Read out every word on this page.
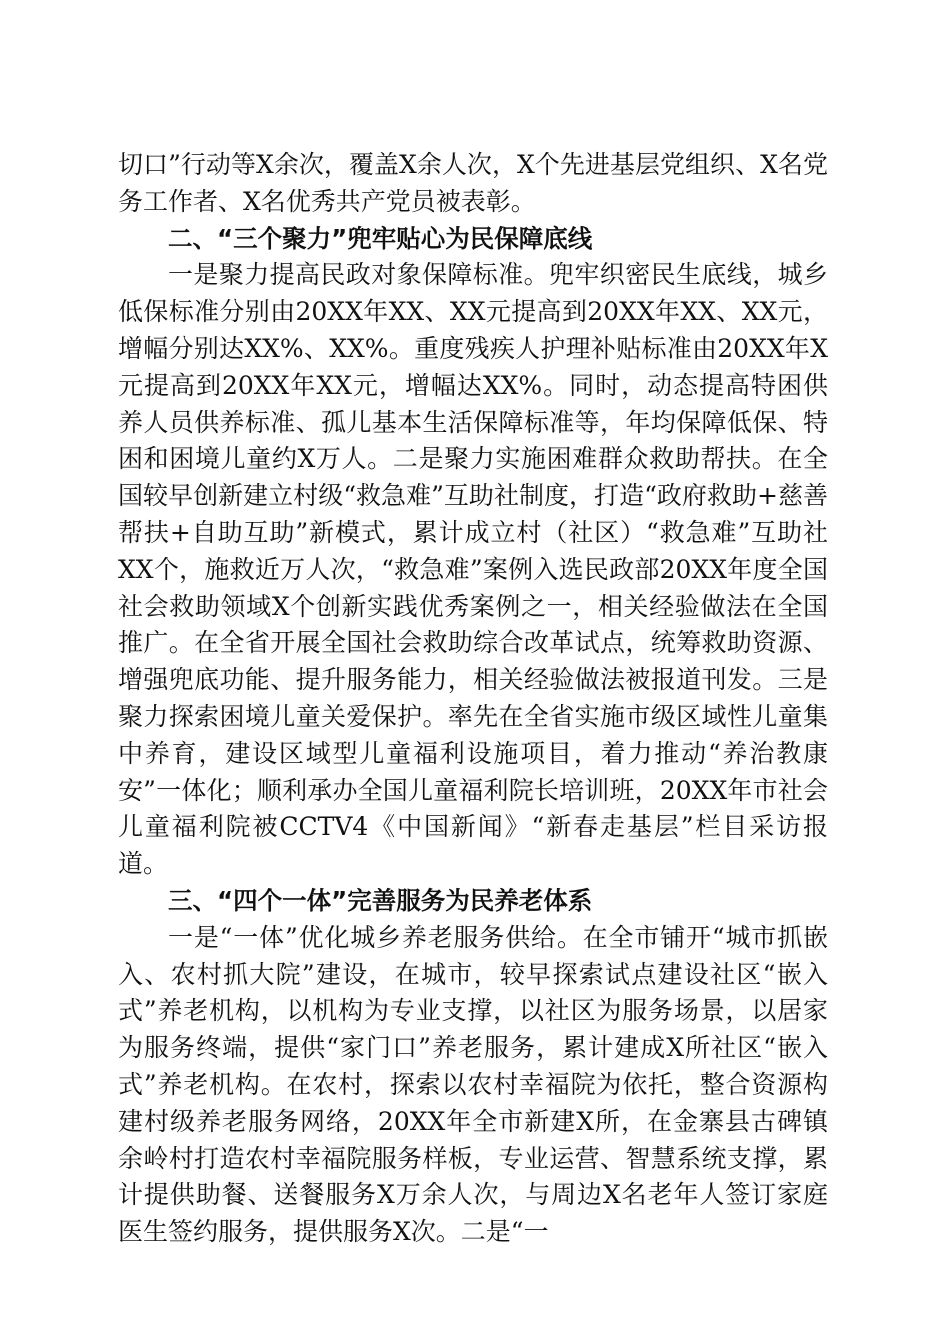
切口”行动等X余次，覆盖X余人次，X个先进基层党组织、X名党务工作者、X名优秀共产党员被表彰。

二、“三个聚力”兜牢贴心为民保障底线

一是聚力提高民政对象保障标准。兜牢织密民生底线，城乡低保标准分别由20XX年XX、XX元提高到20XX年XX、XX元，增幅分别达XX%、XX%。重度残疾人护理补贴标准由20XX年X元提高到20XX年XX元，增幅达XX%。同时，动态提高特困供养人员供养标准、孤儿基本生活保障标准等，年均保障低保、特困和困境儿童约X万人。二是聚力实施困难群众救助帮扶。在全国较早创新建立村级“救急难”互助社制度，打造“政府救助+慈善帮扶+自助互助”新模式，累计成立村（社区）“救急难”互助社XX个，施救近万人次，“救急难”案例入选民政部20XX年度全国社会救助领域X个创新实践优秀案例之一，相关经验做法在全国推广。在全省开展全国社会救助综合改革试点，统筹救助资源、增强兜底功能、提升服务能力，相关经验做法被报道刊发。三是聚力探索困境儿童关爱保护。率先在全省实施市级区域性儿童集中养育，建设区域型儿童福利设施项目，着力推动“养治教康安”一体化；顺利承办全国儿童福利院长培训班，20XX年市社会儿童福利院被CCTV4《中国新闻》“新春走基层”栏目采访报道。

三、“四个一体”完善服务为民养老体系

一是“一体”优化城乡养老服务供给。在全市铺开“城市抓嵌入、农村抓大院”建设，在城市，较早探索试点建设社区“嵌入式”养老机构，以机构为专业支撑，以社区为服务场景，以居家为服务终端，提供“家门口”养老服务，累计建成X所社区“嵌入式”养老机构。在农村，探索以农村幸福院为依托，整合资源构建村级养老服务网络，20XX年全市新建X所，在金寨县古碑镇余岭村打造农村幸福院服务样板，专业运营、智慧系统支撑，累计提供助餐、送餐服务X万余人次，与周边X名老年人签订家庭医生签约服务，提供服务X次。二是“一
